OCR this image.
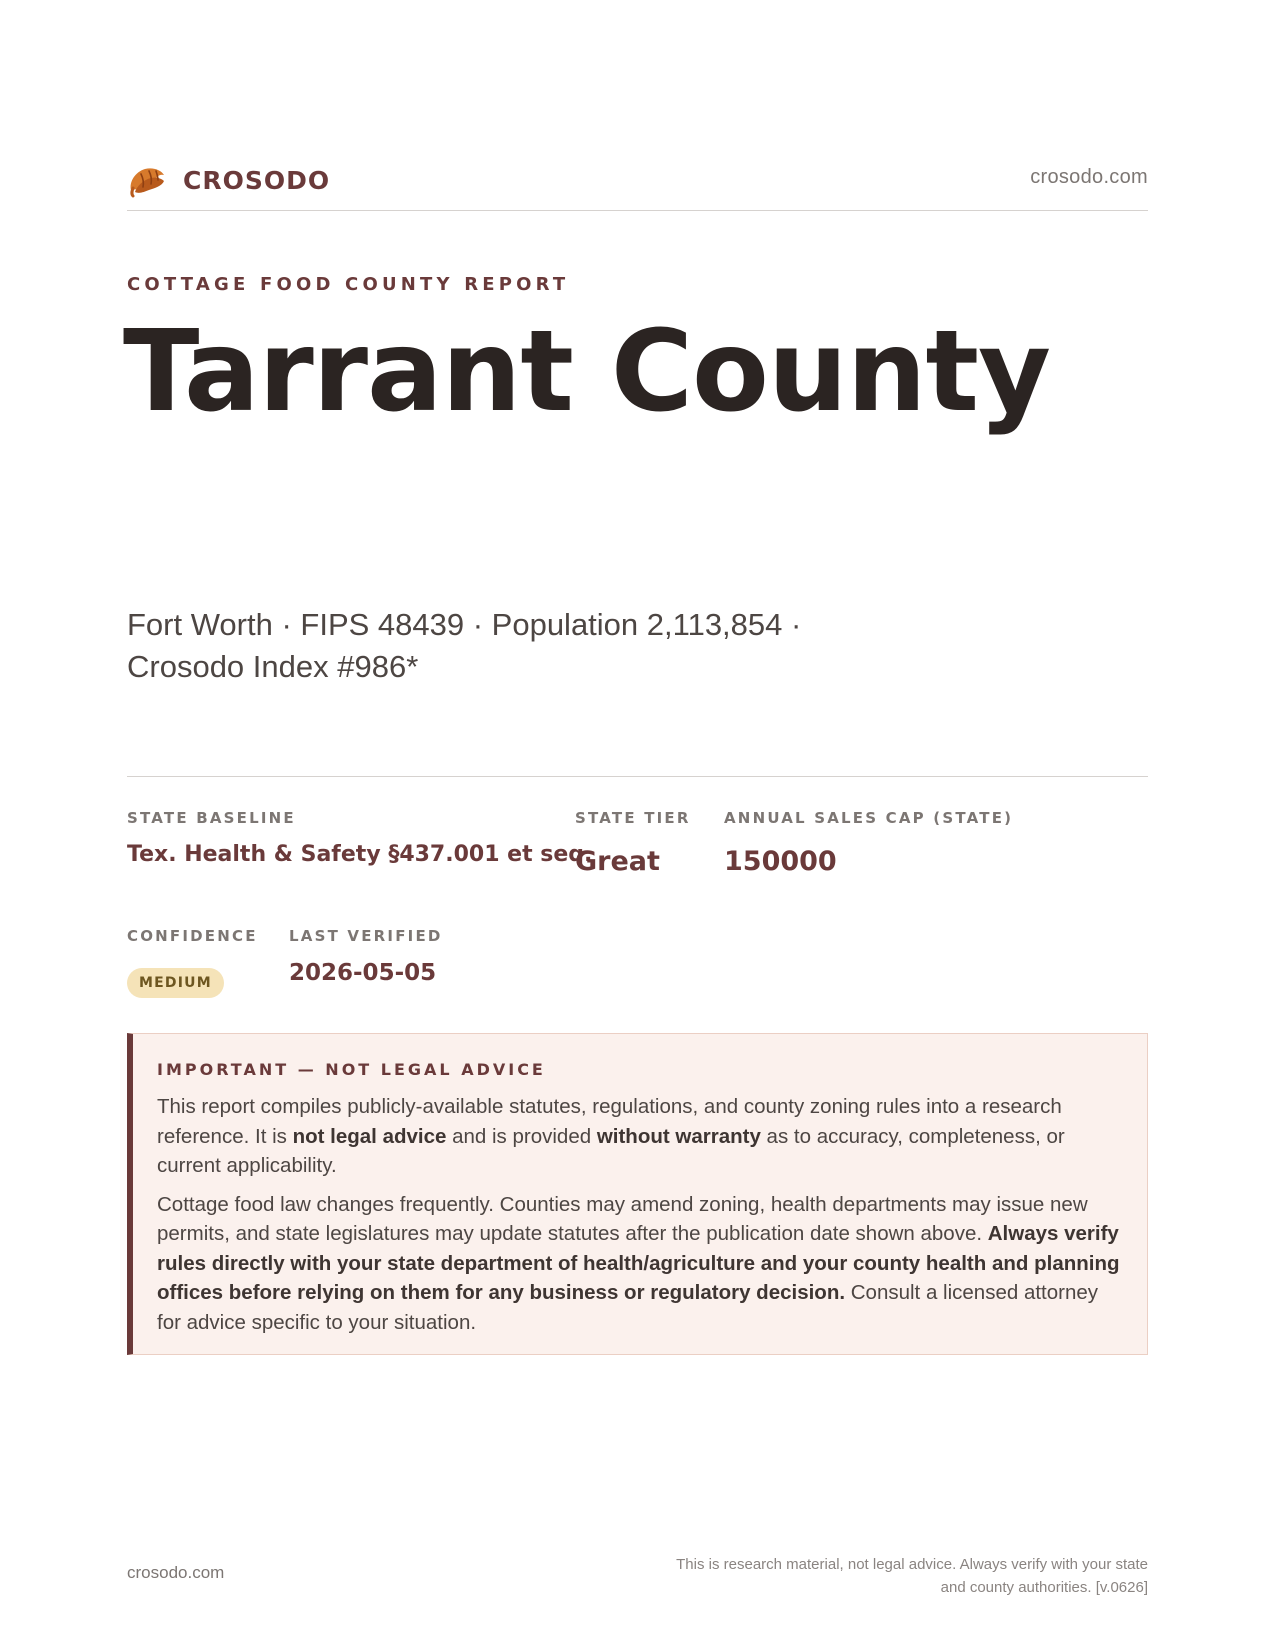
CROSODO	crosodo.com
COTTAGE FOOD COUNTY REPORT
Tarrant County
Fort Worth · FIPS 48439 · Population 2,113,854 · Crosodo Index #986*
STATE BASELINE
Tex. Health & Safety §437.001 et seq.
STATE TIER
Great
ANNUAL SALES CAP (STATE)
150000
CONFIDENCE
MEDIUM
LAST VERIFIED
2026-05-05
IMPORTANT — NOT LEGAL ADVICE

This report compiles publicly-available statutes, regulations, and county zoning rules into a research reference. It is not legal advice and is provided without warranty as to accuracy, completeness, or current applicability.

Cottage food law changes frequently. Counties may amend zoning, health departments may issue new permits, and state legislatures may update statutes after the publication date shown above. Always verify rules directly with your state department of health/agriculture and your county health and planning offices before relying on them for any business or regulatory decision. Consult a licensed attorney for advice specific to your situation.

crosodo.com	This is research material, not legal advice. Always verify with your state
and county authorities. [v.0626]
